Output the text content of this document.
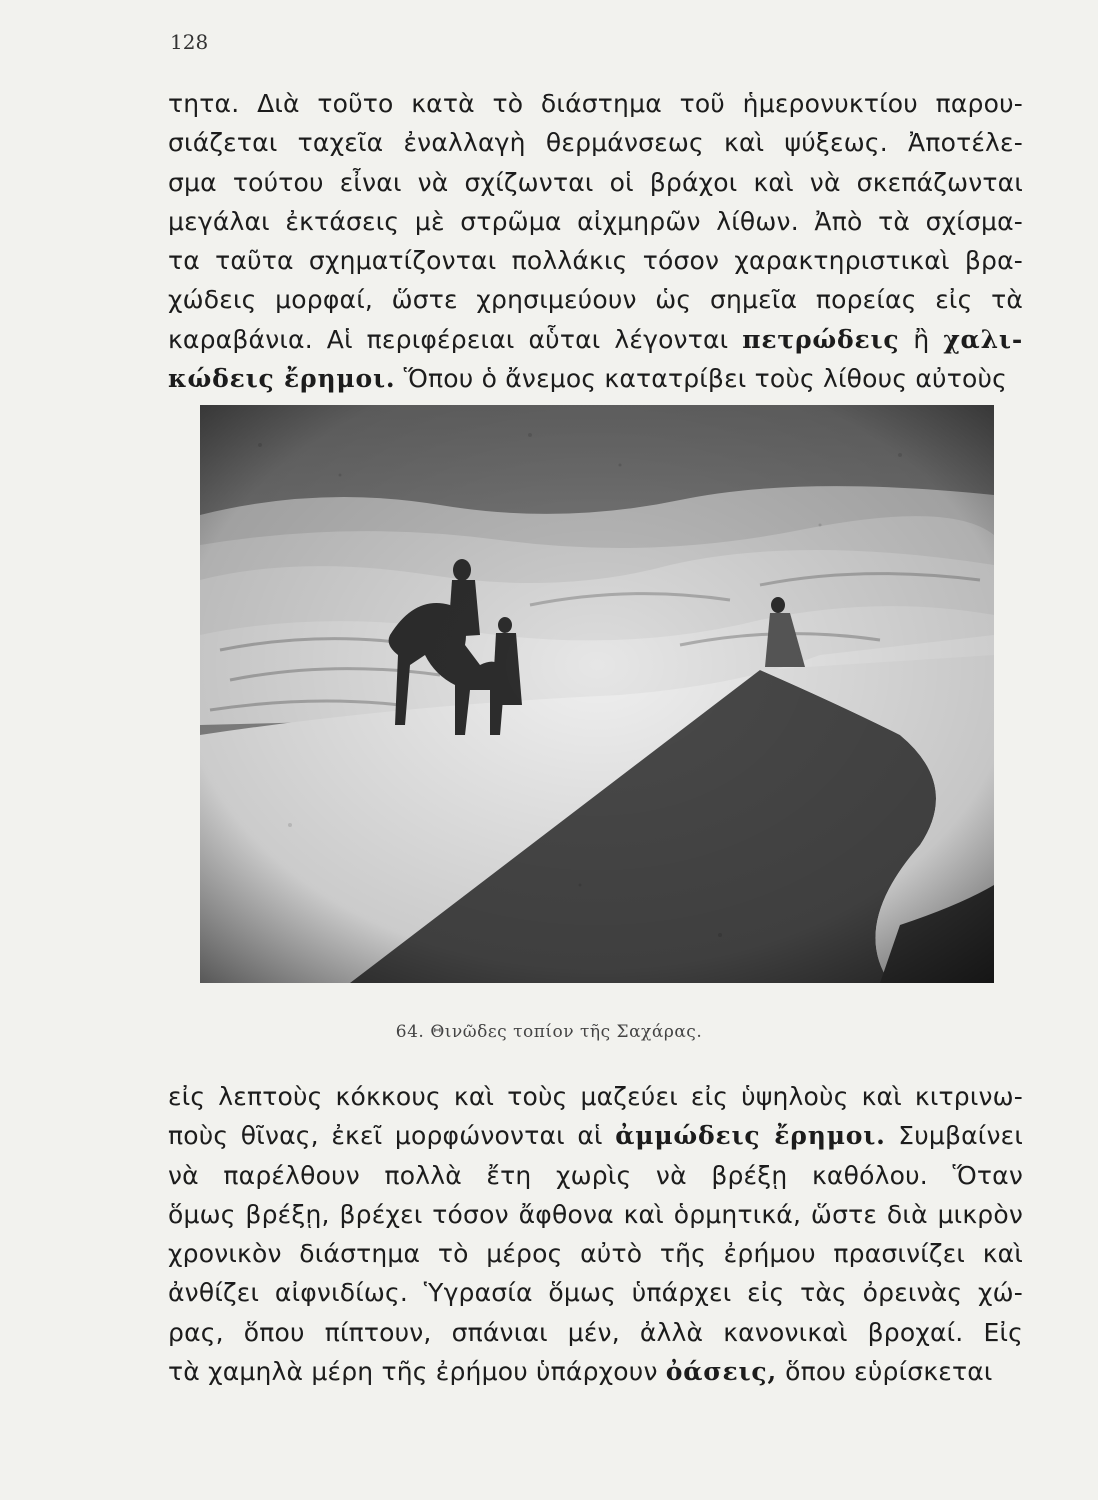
128
τητα. Διὰ τοῦτο κατὰ τὸ διάστημα τοῦ ἡμερονυκτίου παρου-
σιάζεται ταχεῖα ἐναλλαγὴ θερμάνσεως καὶ ψύξεως. Ἀποτέλε-
σμα τούτου εἶναι νὰ σχίζωνται οἱ βράχοι καὶ νὰ σκεπάζωνται
μεγάλαι ἐκτάσεις μὲ στρῶμα αἰχμηρῶν λίθων. Ἀπὸ τὰ σχίσμα-
τα ταῦτα σχηματίζονται πολλάκις τόσον χαρακτηριστικαὶ βρα-
χώδεις μορφαί, ὥστε χρησιμεύουν ὡς σημεῖα πορείας εἰς τὰ
καραβάνια. Αἱ περιφέρειαι αὗται λέγονται πετρώδεις ἢ χαλι-
κώδεις ἔρημοι. Ὅπου ὁ ἄνεμος κατατρίβει τοὺς λίθους αὐτοὺς
64. Θινῶδες τοπίον τῆς Σαχάρας.
εἰς λεπτοὺς κόκκους καὶ τοὺς μαζεύει εἰς ὑψηλοὺς καὶ κιτρινω-
ποὺς θῖνας, ἐκεῖ μορφώνονται αἱ ἀμμώδεις ἔρημοι. Συμβαίνει
νὰ παρέλθουν πολλὰ ἔτη χωρὶς νὰ βρέξῃ καθόλου. Ὅταν
ὅμως βρέξῃ, βρέχει τόσον ἄφθονα καὶ ὁρμητικά, ὥστε διὰ μικρὸν
χρονικὸν διάστημα τὸ μέρος αὐτὸ τῆς ἐρήμου πρασινίζει καὶ
ἀνθίζει αἰφνιδίως. Ὑγρασία ὅμως ὑπάρχει εἰς τὰς ὀρεινὰς χώ-
ρας, ὅπου πίπτουν, σπάνιαι μέν, ἀλλὰ κανονικαὶ βροχαί. Εἰς
τὰ χαμηλὰ μέρη τῆς ἐρήμου ὑπάρχουν ὀάσεις, ὅπου εὑρίσκεται
